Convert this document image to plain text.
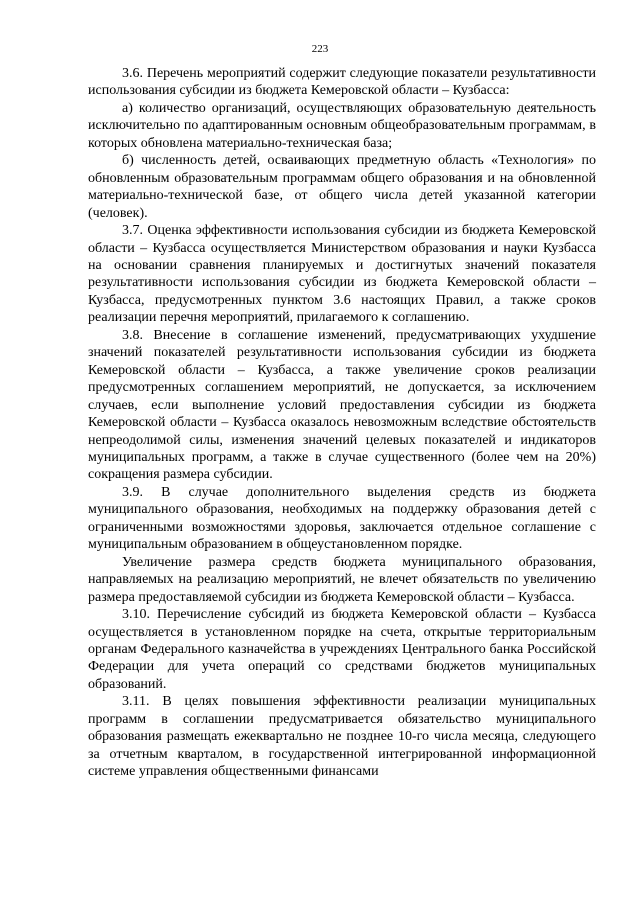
223

3.6. Перечень мероприятий содержит следующие показатели результативности использования субсидии из бюджета Кемеровской области – Кузбасса:

а) количество организаций, осуществляющих образовательную деятельность исключительно по адаптированным основным общеобразовательным программам, в которых обновлена материально-техническая база;

б) численность детей, осваивающих предметную область «Технология» по обновленным образовательным программам общего образования и на обновленной материально-технической базе, от общего числа детей указанной категории (человек).

3.7. Оценка эффективности использования субсидии из бюджета Кемеровской области – Кузбасса осуществляется Министерством образования и науки Кузбасса на основании сравнения планируемых и достигнутых значений показателя результативности использования субсидии из бюджета Кемеровской области – Кузбасса, предусмотренных пунктом 3.6 настоящих Правил, а также сроков реализации перечня мероприятий, прилагаемого к соглашению.

3.8. Внесение в соглашение изменений, предусматривающих ухудшение значений показателей результативности использования субсидии из бюджета Кемеровской области – Кузбасса, а также увеличение сроков реализации предусмотренных соглашением мероприятий, не допускается, за исключением случаев, если выполнение условий предоставления субсидии из бюджета Кемеровской области – Кузбасса оказалось невозможным вследствие обстоятельств непреодолимой силы, изменения значений целевых показателей и индикаторов муниципальных программ, а также в случае существенного (более чем на 20%) сокращения размера субсидии.

3.9. В случае дополнительного выделения средств из бюджета муниципального образования, необходимых на поддержку образования детей с ограниченными возможностями здоровья, заключается отдельное соглашение с муниципальным образованием в общеустановленном порядке.

Увеличение размера средств бюджета муниципального образования, направляемых на реализацию мероприятий, не влечет обязательств по увеличению размера предоставляемой субсидии из бюджета Кемеровской области – Кузбасса.

3.10. Перечисление субсидий из бюджета Кемеровской области – Кузбасса осуществляется в установленном порядке на счета, открытые территориальным органам Федерального казначейства в учреждениях Центрального банка Российской Федерации для учета операций со средствами бюджетов муниципальных образований.

3.11. В целях повышения эффективности реализации муниципальных программ в соглашении предусматривается обязательство муниципального образования размещать ежеквартально не позднее 10-го числа месяца, следующего за отчетным кварталом, в государственной интегрированной информационной системе управления общественными финансами
